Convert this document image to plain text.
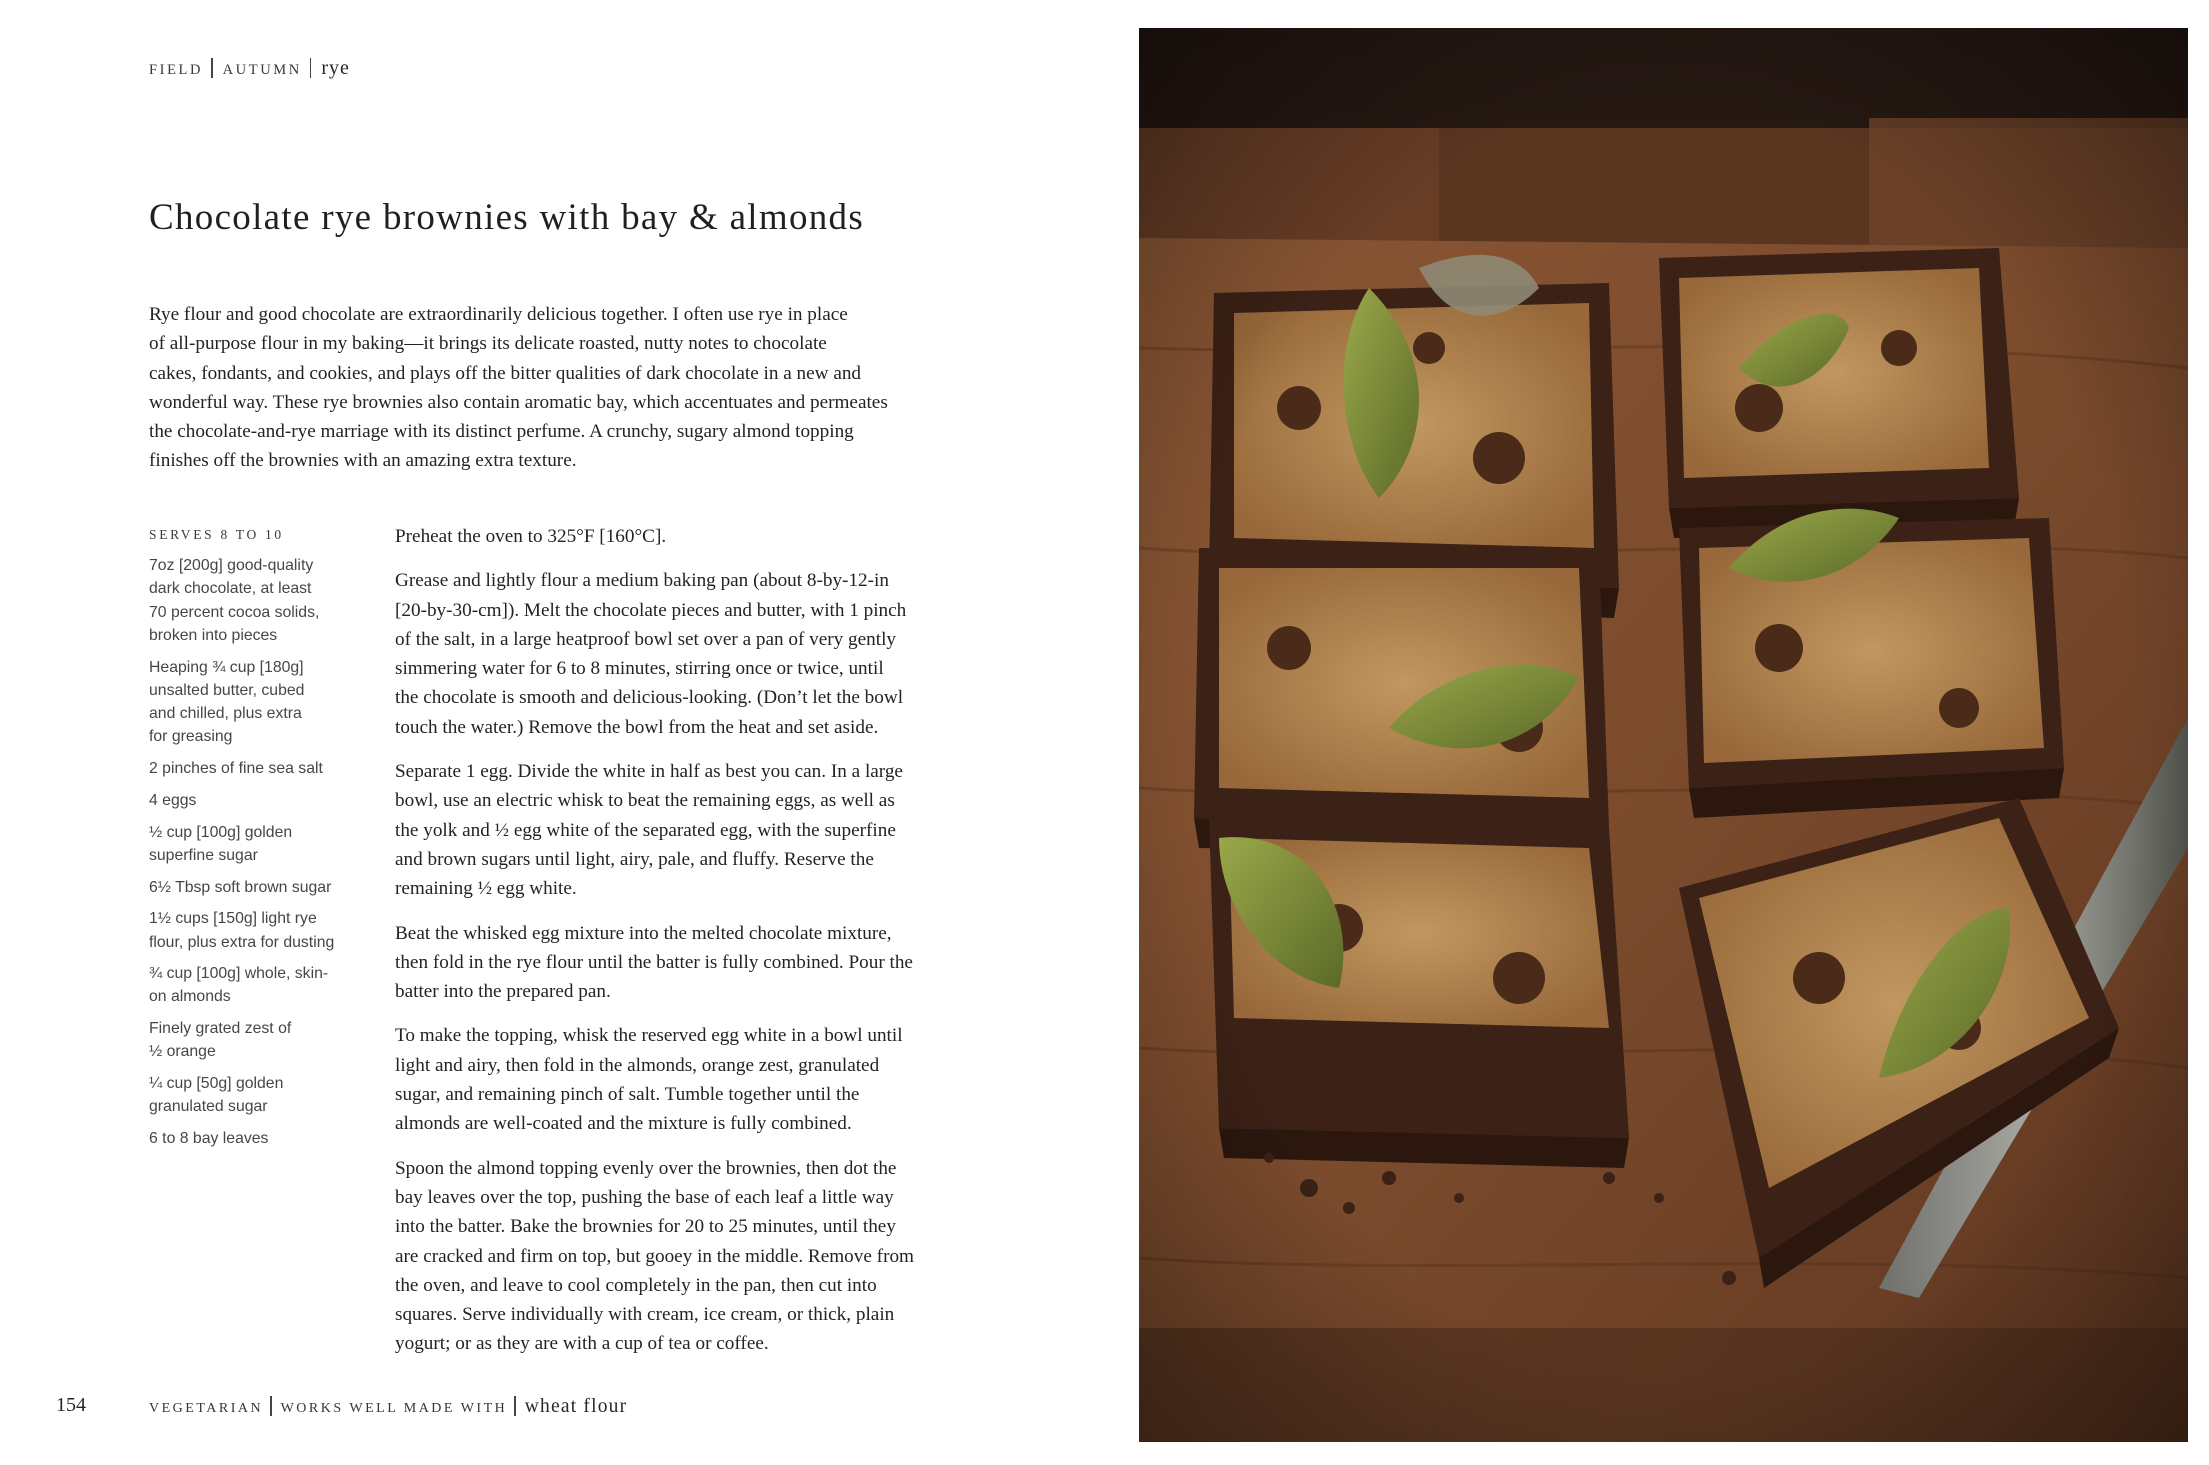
FIELD AUTUMN rye
Chocolate rye brownies with bay & almonds

Rye flour and good chocolate are extraordinarily delicious together. I often use rye in place
of all-purpose flour in my baking—it brings its delicate roasted, nutty notes to chocolate
cakes, fondants, and cookies, and plays off the bitter qualities of dark chocolate in a new and
wonderful way. These rye brownies also contain aromatic bay, which accentuates and permeates
the chocolate-and-rye marriage with its distinct perfume. A crunchy, sugary almond topping
finishes off the brownies with an amazing extra texture.

SERVES 8 TO 10
7oz [200g] good-quality
dark chocolate, at least
70 percent cocoa solids,
broken into pieces
Heaping ¾ cup [180g]
unsalted butter, cubed
and chilled, plus extra
for greasing
2 pinches of fine sea salt
4 eggs
½ cup [100g] golden
superfine sugar
6½ Tbsp soft brown sugar
1½ cups [150g] light rye
flour, plus extra for dusting
¾ cup [100g] whole, skin-
on almonds
Finely grated zest of
½ orange
¼ cup [50g] golden
granulated sugar
6 to 8 bay leaves

Preheat the oven to 325°F [160°C].

Grease and lightly flour a medium baking pan (about 8-by-12-in
[20-by-30-cm]). Melt the chocolate pieces and butter, with 1 pinch
of the salt, in a large heatproof bowl set over a pan of very gently
simmering water for 6 to 8 minutes, stirring once or twice, until
the chocolate is smooth and delicious-looking. (Don’t let the bowl
touch the water.) Remove the bowl from the heat and set aside.

Separate 1 egg. Divide the white in half as best you can. In a large
bowl, use an electric whisk to beat the remaining eggs, as well as
the yolk and ½ egg white of the separated egg, with the superfine
and brown sugars until light, airy, pale, and fluffy. Reserve the
remaining ½ egg white.

Beat the whisked egg mixture into the melted chocolate mixture,
then fold in the rye flour until the batter is fully combined. Pour the
batter into the prepared pan.

To make the topping, whisk the reserved egg white in a bowl until
light and airy, then fold in the almonds, orange zest, granulated
sugar, and remaining pinch of salt. Tumble together until the
almonds are well-coated and the mixture is fully combined.

Spoon the almond topping evenly over the brownies, then dot the
bay leaves over the top, pushing the base of each leaf a little way
into the batter. Bake the brownies for 20 to 25 minutes, until they
are cracked and firm on top, but gooey in the middle. Remove from
the oven, and leave to cool completely in the pan, then cut into
squares. Serve individually with cream, ice cream, or thick, plain
yogurt; or as they are with a cup of tea or coffee.

154	VEGETARIAN WORKS WELL MADE WITH wheat flour
